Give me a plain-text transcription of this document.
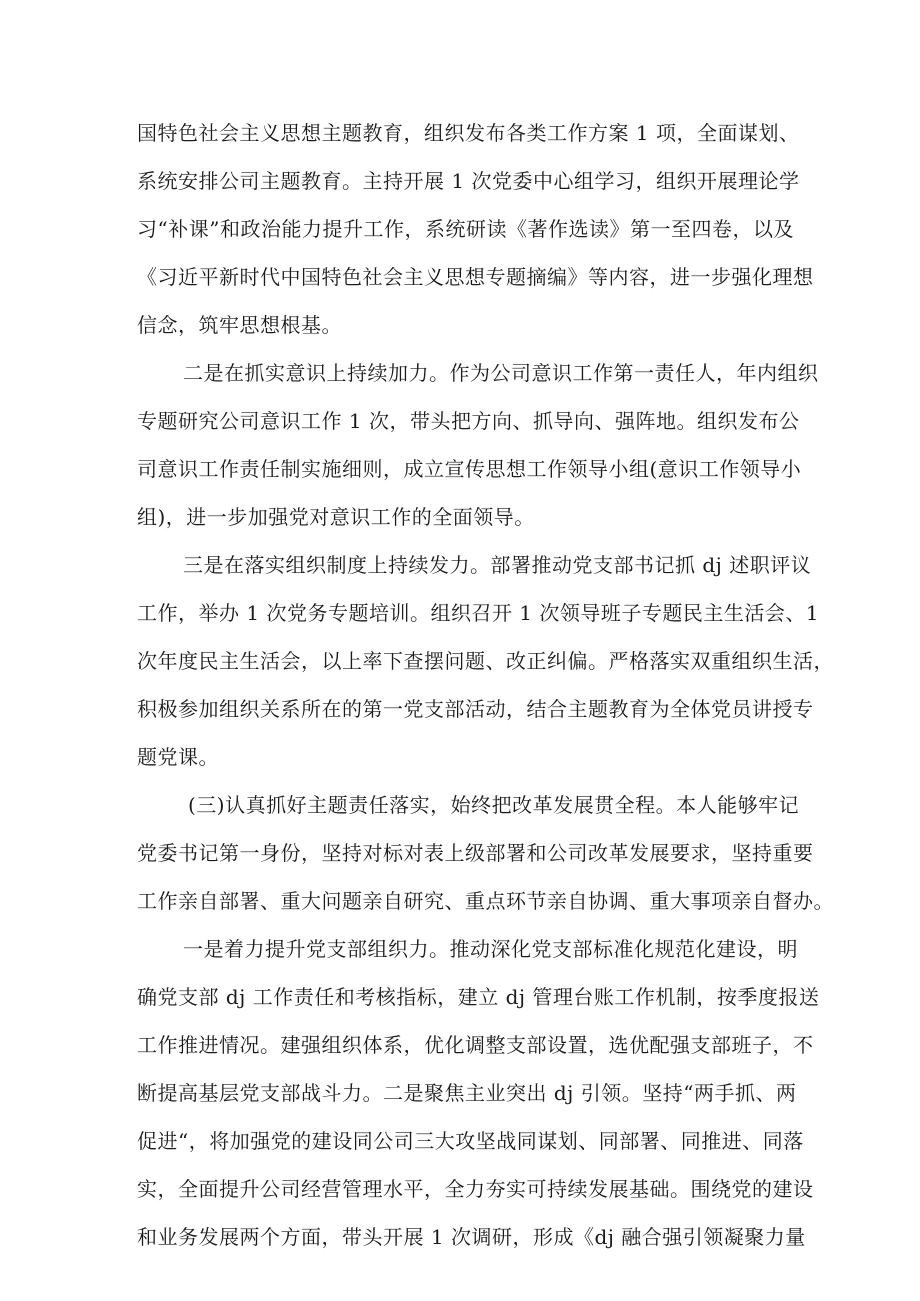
国特色社会主义思想主题教育，组织发布各类工作方案 1 项，全面谋划、
系统安排公司主题教育。主持开展 1 次党委中心组学习，组织开展理论学
习“补课”和政治能力提升工作，系统研读《著作选读》第一至四卷，以及
《习近平新时代中国特色社会主义思想专题摘编》等内容，进一步强化理想
信念，筑牢思想根基。
二是在抓实意识上持续加力。作为公司意识工作第一责任人，年内组织
专题研究公司意识工作 1 次，带头把方向、抓导向、强阵地。组织发布公
司意识工作责任制实施细则，成立宣传思想工作领导小组(意识工作领导小
组)，进一步加强党对意识工作的全面领导。
三是在落实组织制度上持续发力。部署推动党支部书记抓 dj 述职评议
工作，举办 1 次党务专题培训。组织召开 1 次领导班子专题民主生活会、1
次年度民主生活会，以上率下查摆问题、改正纠偏。严格落实双重组织生活，
积极参加组织关系所在的第一党支部活动，结合主题教育为全体党员讲授专
题党课。
(三)认真抓好主题责任落实，始终把改革发展贯全程。本人能够牢记
党委书记第一身份，坚持对标对表上级部署和公司改革发展要求，坚持重要
工作亲自部署、重大问题亲自研究、重点环节亲自协调、重大事项亲自督办。
一是着力提升党支部组织力。推动深化党支部标准化规范化建设，明
确党支部 dj 工作责任和考核指标，建立 dj 管理台账工作机制，按季度报送
工作推进情况。建强组织体系，优化调整支部设置，选优配强支部班子，不
断提高基层党支部战斗力。二是聚焦主业突出 dj 引领。坚持“两手抓、两
促进“，将加强党的建设同公司三大攻坚战同谋划、同部署、同推进、同落
实，全面提升公司经营管理水平，全力夯实可持续发展基础。围绕党的建设
和业务发展两个方面，带头开展 1 次调研，形成《dj 融合强引领凝聚力量
